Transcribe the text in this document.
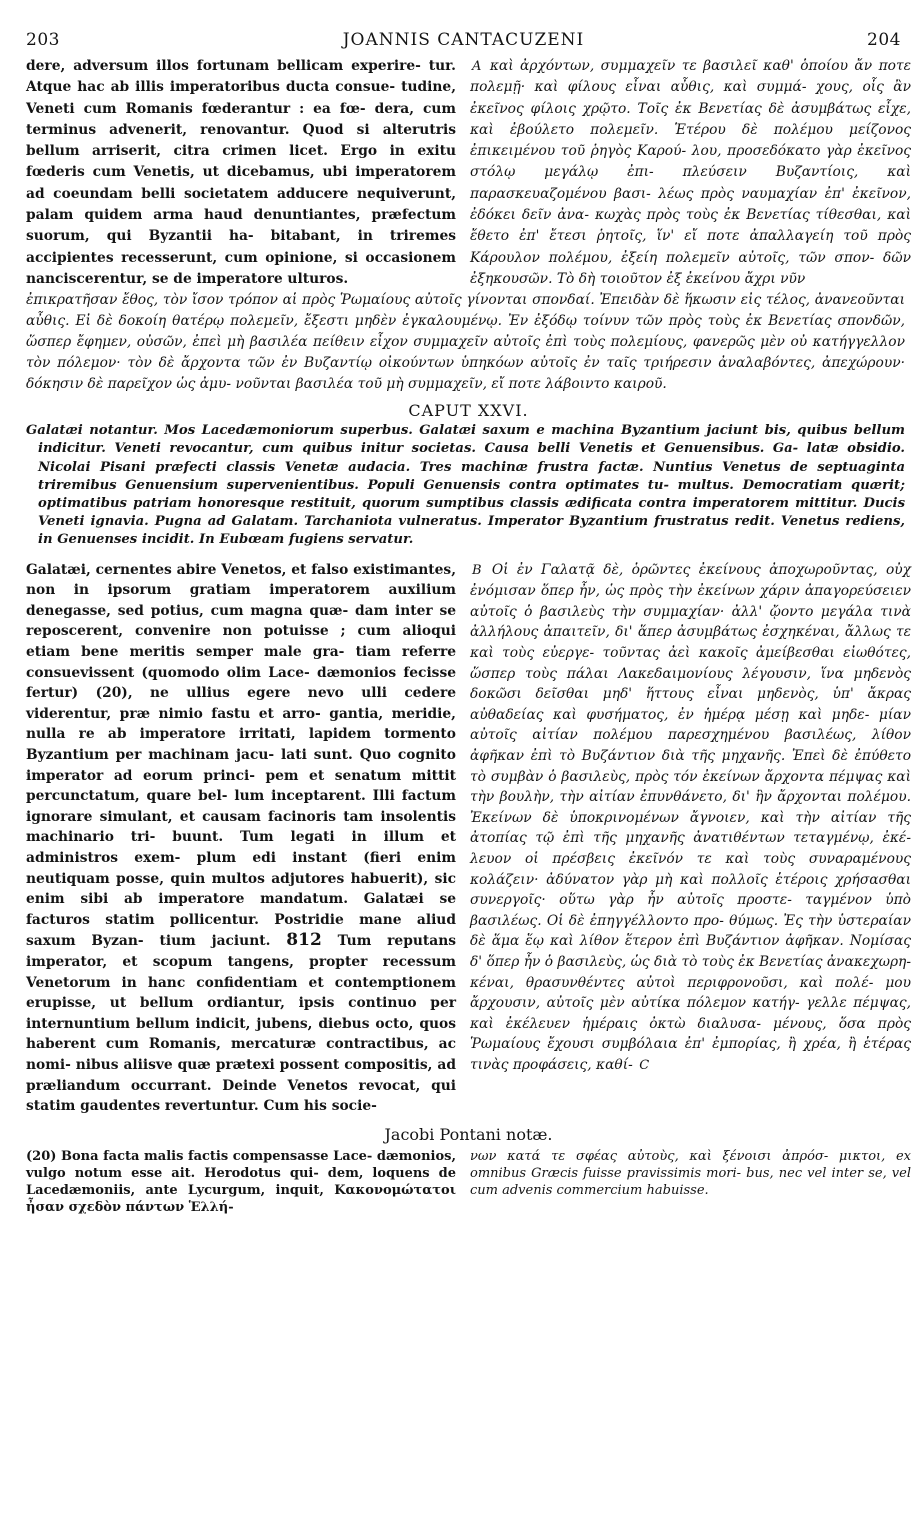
203	JOANNIS CANTACUZENI	204
dere, adversum illos fortunam bellicam experire- tur. Atque hac ab illis imperatoribus ducta consue- tudine, Veneti cum Romanis fœderantur : ea fœ- dera, cum terminus advenerit, renovantur. Quod si alterutris bellum arriserit, citra crimen licet. Ergo in exitu fœderis cum Venetis, ut dicebamus, ubi imperatorem ad coeundam belli societatem adducere nequiverunt, palam quidem arma haud denuntiantes, præfectum suorum, qui Byzantii ha- bitabant, in triremes accipientes recesserunt, cum opinione, si occasionem nanciscerentur, se de imperatore ulturos.
A καὶ ἀρχόντων, συμμαχεῖν τε βασιλεῖ καθ' ὁποίου ἄν ποτε πολεμῇ· καὶ φίλους εἶναι αὖθις, καὶ συμμά- χους, οἷς ἂν ἐκεῖνος φίλοις χρῷτο. Τοῖς ἐκ Βενετίας δὲ ἀσυμβάτως εἶχε, καὶ ἐβούλετο πολεμεῖν. Ἑτέρου δὲ πολέμου μείζονος ἐπικειμένου τοῦ ῥηγὸς Καρού- λου, προσεδόκατο γὰρ ἐκεῖνος στόλῳ μεγάλῳ ἐπι- πλεύσειν Βυζαντίοις, καὶ παρασκευαζομένου βασι- λέως πρὸς ναυμαχίαν ἐπ' ἐκεῖνον, ἐδόκει δεῖν ἀνα- κωχὰς πρὸς τοὺς ἐκ Βενετίας τίθεσθαι, καὶ ἔθετο ἐπ' ἔτεσι ῥητοῖς, ἵν' εἴ ποτε ἀπαλλαγείη τοῦ πρὸς Κάρουλον πολέμου, ἐξείη πολεμεῖν αὐτοῖς, τῶν σπον- δῶν ἐξηκουσῶν. Τὸ δὴ τοιοῦτον ἐξ ἐκείνου ἄχρι νῦν
ἐπικρατῆσαν ἔθος, τὸν ἴσον τρόπον αἱ πρὸς Ῥωμαίους αὐτοῖς γίνονται σπονδαί. Ἐπειδὰν δὲ ἥκωσιν εἰς τέλος, ἀνανεοῦνται αὖθις. Εἰ δὲ δοκοίη θατέρῳ πολεμεῖν, ἔξεστι μηδὲν ἐγκαλουμένῳ. Ἐν ἐξόδῳ τοίνυν τῶν πρὸς τοὺς ἐκ Βενετίας σπονδῶν, ὥσπερ ἔφημεν, οὐσῶν, ἐπεὶ μὴ βασιλέα πείθειν εἶχον συμμαχεῖν αὐτοῖς ἐπὶ τοὺς πολεμίους, φανερῶς μὲν οὐ κατήγγελλον τὸν πόλεμον· τὸν δὲ ἄρχοντα τῶν ἐν Βυζαντίῳ οἰκούντων ὑπηκόων αὐτοῖς ἐν ταῖς τριήρεσιν ἀναλαβόντες, ἀπεχώρουν· δόκησιν δὲ παρεῖχον ὡς ἀμυ- νοῦνται βασιλέα τοῦ μὴ συμμαχεῖν, εἴ ποτε λάβοιντο καιροῦ.
CAPUT XXVI.
Galatæi notantur. Mos Lacedæmoniorum superbus. Galatæi saxum e machina Byzantium jaciunt bis, quibus bellum indicitur. Veneti revocantur, cum quibus initur societas. Causa belli Venetis et Genuensibus. Ga- latæ obsidio. Nicolai Pisani præfecti classis Venetæ audacia. Tres machinæ frustra factæ. Nuntius Venetus de septuaginta triremibus Genuensium supervenientibus. Populi Genuensis contra optimates tu- multus. Democratiam quærit; optimatibus patriam honoresque restituit, quorum sumptibus classis ædificata contra imperatorem mittitur. Ducis Veneti ignavia. Pugna ad Galatam. Tarchaniota vulneratus. Imperator Byzantium frustratus redit. Venetus rediens, in Genuenses incidit. In Eubœam fugiens servatur.
Galatæi, cernentes abire Venetos, et falso existimantes, non in ipsorum gratiam imperatorem auxilium denegasse, sed potius, cum magna quæ- dam inter se reposcerent, convenire non potuisse ; cum alioqui etiam bene meritis semper male gra- tiam referre consuevissent (quomodo olim Lace- dæmonios fecisse fertur) (20), ne ullius egere nevo ulli cedere viderentur, præ nimio fastu et arro- gantia, meridie, nulla re ab imperatore irritati, lapidem tormento Byzantium per machinam jacu- lati sunt. Quo cognito imperator ad eorum princi- pem et senatum mittit percunctatum, quare bel- lum inceptarent. Illi factum ignorare simulant, et causam facinoris tam insolentis machinario tri- buunt. Tum legati in illum et administros exem- plum edi instant (fieri enim neutiquam posse, quin multos adjutores habuerit), sic enim sibi ab imperatore mandatum. Galatæi se facturos statim pollicentur. Postridie mane aliud saxum Byzan- tium jaciunt. 812 Tum reputans imperator, et scopum tangens, propter recessum Venetorum in hanc confidentiam et contemptionem erupisse, ut bellum ordiantur, ipsis continuo per internuntium bellum indicit, jubens, diebus octo, quos haberent cum Romanis, mercaturæ contractibus, ac nomi- nibus aliisve quæ prætexi possent compositis, ad præliandum occurrant. Deinde Venetos revocat, qui statim gaudentes revertuntur. Cum his socie-
B Οἱ ἐν Γαλατᾷ δὲ, ὁρῶντες ἐκείνους ἀποχωροῦντας, οὐχ ἐνόμισαν ὅπερ ἦν, ὡς πρὸς τὴν ἐκείνων χάριν ἀπαγορεύσειεν αὐτοῖς ὁ βασιλεὺς τὴν συμμαχίαν· ἀλλ' ᾤοντο μεγάλα τινὰ ἀλλήλους ἀπαιτεῖν, δι' ἅπερ ἀσυμβάτως ἐσχηκέναι, ἄλλως τε καὶ τοὺς εὐεργε- τοῦντας ἀεὶ κακοῖς ἀμείβεσθαι εἰωθότες, ὥσπερ τοὺς πάλαι Λακεδαιμονίους λέγουσιν, ἵνα μηδενὸς δοκῶσι δεῖσθαι μηδ' ἥττους εἶναι μηδενὸς, ὑπ' ἄκρας αὐθαδείας καὶ φυσήματος, ἐν ἡμέρᾳ μέσῃ καὶ μηδε- μίαν αὐτοῖς αἰτίαν πολέμου παρεσχημένου βασιλέως, λίθον ἀφῆκαν ἐπὶ τὸ Βυζάντιον διὰ τῆς μηχανῆς. Ἐπεὶ δὲ ἐπύθετο τὸ συμβὰν ὁ βασιλεὺς, πρὸς τόν ἐκείνων ἄρχοντα πέμψας καὶ τὴν βουλὴν, τὴν αἰτίαν ἐπυνθάνετο, δι' ἣν ἄρχονται πολέμου. Ἐκείνων δὲ ὑποκρινομένων ἄγνοιεν, καὶ τὴν αἰτίαν τῆς ἀτοπίας τῷ ἐπὶ τῆς μηχανῆς ἀνατιθέντων τεταγμένῳ, ἐκέ- λευον οἱ πρέσβεις ἐκεῖνόν τε καὶ τοὺς συναραμένους κολάζειν· ἀδύνατον γὰρ μὴ καὶ πολλοῖς ἑτέροις χρήσασθαι συνεργοῖς· οὕτω γὰρ ἦν αὐτοῖς προστε- ταγμένον ὑπὸ βασιλέως. Οἱ δὲ ἐπηγγέλλοντο προ- θύμως. Ἐς τὴν ὑστεραίαν δὲ ἅμα ἕῳ καὶ λίθον ἕτερον ἐπὶ Βυζάντιον ἀφῆκαν. Νομίσας δ' ὅπερ ἦν ὁ βασιλεὺς, ὡς διὰ τὸ τοὺς ἐκ Βενετίας ἀνακεχωρη- κέναι, θρασυνθέντες αὐτοὶ περιφρονοῦσι, καὶ πολέ- μου ἄρχουσιν, αὐτοῖς μὲν αὐτίκα πόλεμον κατήγ- γελλε πέμψας, καὶ ἐκέλευεν ἡμέραις ὀκτὼ διαλυσα- μένους, ὅσα πρὸς Ῥωμαίους ἔχουσι συμβόλαια ἐπ' ἐμπορίας, ἢ χρέα, ἢ ἑτέρας τινὰς προφάσεις, καθί- C
Jacobi Pontani notæ.
(20) Bona facta malis factis compensasse Lace- dæmonios, vulgo notum esse ait. Herodotus qui- dem, loquens de Lacedæmoniis, ante Lycurgum, inquit, Κακονομώτατοι ἦσαν σχεδὸν πάντων Ἑλλή-
νων κατά τε σφέας αὐτοὺς, καὶ ξένοισι ἀπρόσ- μικτοι, ex omnibus Græcis fuisse pravissimis mori- bus, nec vel inter se, vel cum advenis commercium habuisse.
